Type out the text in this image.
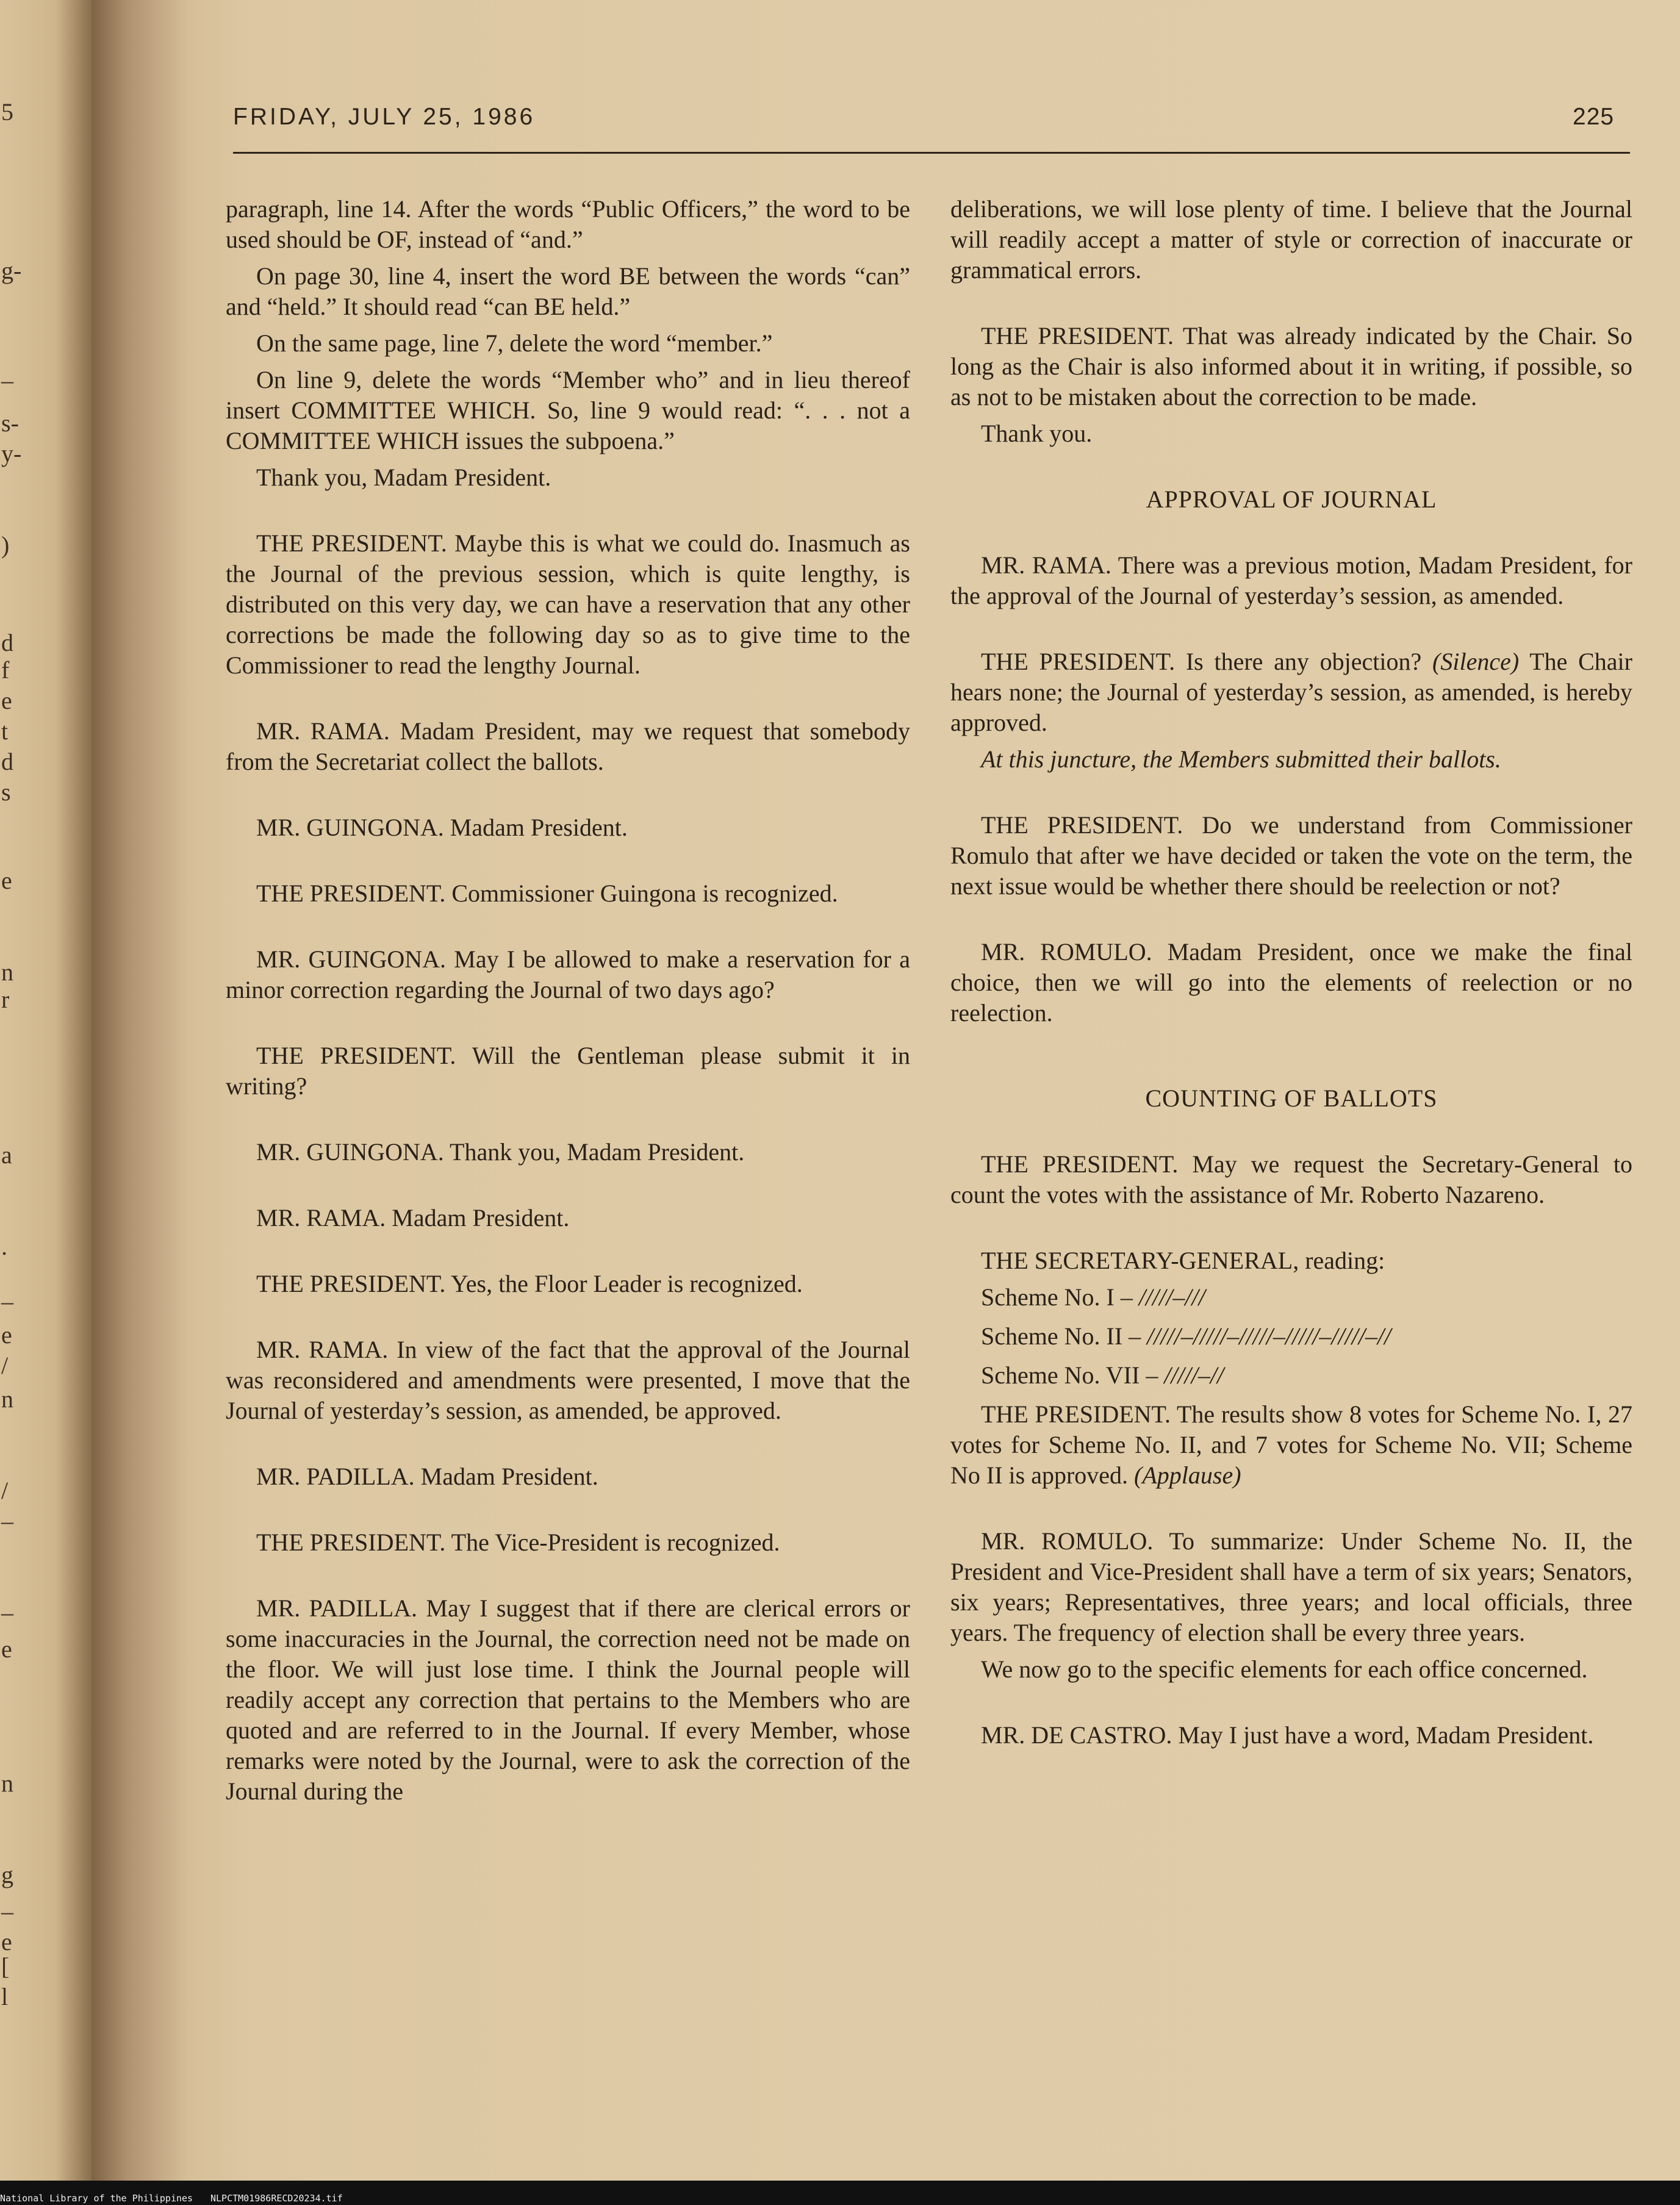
5
g-
–
s-
y-
)
d
f
e
t
d
s
e
n
r
a
.
–
e
/
n
/
–
–
e
n
g
–
e
[
l
FRIDAY, JULY 25, 1986	225

paragraph, line 14. After the words “Public Officers,” the word to be used should be OF, instead of “and.”

On page 30, line 4, insert the word BE between the words “can” and “held.” It should read “can BE held.”

On the same page, line 7, delete the word “member.”

On line 9, delete the words “Member who” and in lieu thereof insert COMMITTEE WHICH. So, line 9 would read: “. . . not a COMMITTEE WHICH issues the subpoena.”

Thank you, Madam President.

THE PRESIDENT. Maybe this is what we could do. Inasmuch as the Journal of the previous session, which is quite lengthy, is distributed on this very day, we can have a reservation that any other corrections be made the following day so as to give time to the Commissioner to read the lengthy Journal.

MR. RAMA. Madam President, may we request that somebody from the Secretariat collect the ballots.

MR. GUINGONA. Madam President.

THE PRESIDENT. Commissioner Guingona is recognized.

MR. GUINGONA. May I be allowed to make a reservation for a minor correction regarding the Journal of two days ago?

THE PRESIDENT. Will the Gentleman please submit it in writing?

MR. GUINGONA. Thank you, Madam President.

MR. RAMA. Madam President.

THE PRESIDENT. Yes, the Floor Leader is recognized.

MR. RAMA. In view of the fact that the approval of the Journal was reconsidered and amendments were presented, I move that the Journal of yesterday’s session, as amended, be approved.

MR. PADILLA. Madam President.

THE PRESIDENT. The Vice-President is recognized.

MR. PADILLA. May I suggest that if there are clerical errors or some inaccuracies in the Journal, the correction need not be made on the floor. We will just lose time. I think the Journal people will readily accept any correction that pertains to the Members who are quoted and are referred to in the Journal. If every Member, whose remarks were noted by the Journal, were to ask the correction of the Journal during the

deliberations, we will lose plenty of time. I believe that the Journal will readily accept a matter of style or correction of inaccurate or grammatical errors.

THE PRESIDENT. That was already indicated by the Chair. So long as the Chair is also informed about it in writing, if possible, so as not to be mistaken about the correction to be made.

Thank you.

APPROVAL OF JOURNAL

MR. RAMA. There was a previous motion, Madam President, for the approval of the Journal of yesterday’s session, as amended.

THE PRESIDENT. Is there any objection? (Silence) The Chair hears none; the Journal of yesterday’s session, as amended, is hereby approved.

At this juncture, the Members submitted their ballots.

THE PRESIDENT. Do we understand from Commissioner Romulo that after we have decided or taken the vote on the term, the next issue would be whether there should be reelection or not?

MR. ROMULO. Madam President, once we make the final choice, then we will go into the elements of reelection or no reelection.

COUNTING OF BALLOTS

THE PRESIDENT. May we request the Secretary-General to count the votes with the assistance of Mr. Roberto Nazareno.

THE SECRETARY-GENERAL, reading:

Scheme No. I – /////–///

Scheme No. II – /////–/////–/////–/////–/////–//

Scheme No. VII – /////–//

THE PRESIDENT. The results show 8 votes for Scheme No. I, 27 votes for Scheme No. II, and 7 votes for Scheme No. VII; Scheme No II is approved. (Applause)

MR. ROMULO. To summarize: Under Scheme No. II, the President and Vice-President shall have a term of six years; Senators, six years; Representatives, three years; and local officials, three years. The frequency of election shall be every three years.

We now go to the specific elements for each office concerned.

MR. DE CASTRO. May I just have a word, Madam President.

National Library of the Philippines NLPCTM01986RECD20234.tif
